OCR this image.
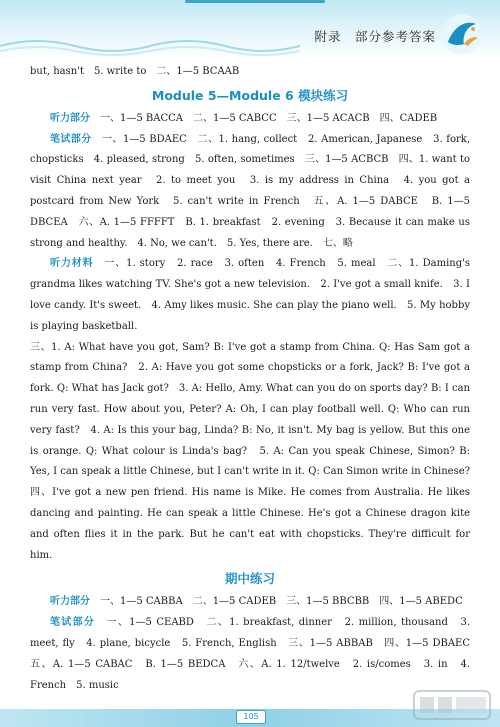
附录　部分参考答案

but, hasn't　5. write to　二、1—5 BCAAB

Module 5—Module 6 模块练习

听力部分　 一、1—5 BACCA　二、1—5 CABCC　三、1—5 ACACB　四、CADEB

笔试部分　 一、1—5 BDAEC　二、1. hang, collect　2. American, Japanese　3. fork, chopsticks　4. pleased, strong　5. often, sometimes　三、1—5 ACBCB　四、1. want to visit China next year　2. to meet you　3. is my address in China　4. you got a postcard from New York　5. can't write in French　五、A. 1—5 DABCE　B. 1—5 DBCEA　六、A. 1—5 FFFFT　B. 1. breakfast　2. evening　3. Because it can make us strong and healthy.　4. No, we can't.　5. Yes, there are.　七、略

听力材料　 一、1. story　2. race　3. often　4. French　5. meal　二、1. Daming's grandma likes watching TV. She's got a new television.　2. I've got a small knife.　3. I love candy. It's sweet.　4. Amy likes music. She can play the piano well.　5. My hobby is playing basketball.

三、1. A: What have you got, Sam? B: I've got a stamp from China. Q: Has Sam got a stamp from China?　2. A: Have you got some chopsticks or a fork, Jack? B: I've got a fork. Q: What has Jack got?　3. A: Hello, Amy. What can you do on sports day? B: I can run very fast. How about you, Peter? A: Oh, I can play football well. Q: Who can run very fast?　4. A: Is this your bag, Linda? B: No, it isn't. My bag is yellow. But this one is orange. Q: What colour is Linda's bag?　5. A: Can you speak Chinese, Simon? B: Yes, I can speak a little Chinese, but I can't write in it. Q: Can Simon write in Chinese?　四、I've got a new pen friend. His name is Mike. He comes from Australia. He likes dancing and painting. He can speak a little Chinese. He's got a Chinese dragon kite and often flies it in the park. But he can't eat with chopsticks. They're difficult for him.

期中练习

听力部分　 一、1—5 CABBA　二、1—5 CADEB　三、1—5 BBCBB　四、1—5 ABEDC

笔试部分　 一、1—5 CEABD　二、1. breakfast, dinner　2. million, thousand　3. meet, fly　4. plane, bicycle　5. French, English　三、1—5 ABBAB　四、1—5 DBAEC　五、A. 1—5 CABAC　B. 1—5 BEDCA　六、A. 1. 12/twelve　2. is/comes　3. in　4. French　5. music

105
